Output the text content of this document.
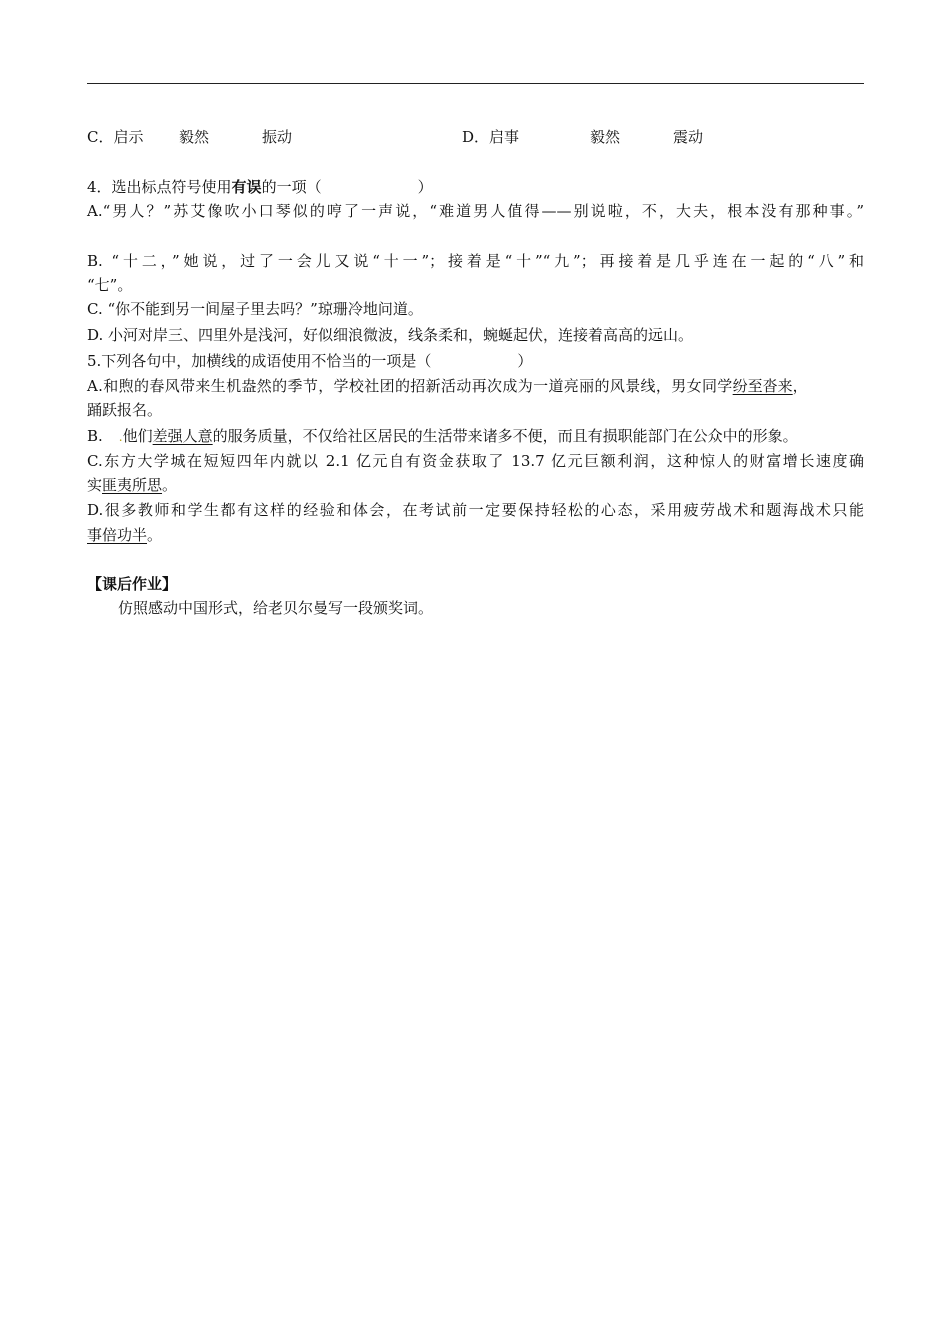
C．启示 毅然	振动	D．启事	毅然	震动
4．选出标点符号使用有误的一项（	）
A.“男人？”苏艾像吹小口琴似的哼了一声说，“难道男人值得——别说啦，不，大夫，根本没有那种事。”
B. “十二，”她说，过了一会儿又说“十一”；接着是“十”“九”；再接着是几乎连在一起的“八”和
“七”。
C. “你不能到另一间屋子里去吗？”琼珊冷地问道。
D. 小河对岸三、四里外是浅河，好似细浪微波，线条柔和，蜿蜒起伏，连接着高高的远山。
5.下列各句中，加横线的成语使用不恰当的一项是（	）
A.和煦的春风带来生机盎然的季节，学校社团的招新活动再次成为一道亮丽的风景线，男女同学纷至沓来，
踊跃报名。
B. .他们差强人意的服务质量，不仅给社区居民的生活带来诸多不便，而且有损职能部门在公众中的形象。
C.东方大学城在短短四年内就以 2.1 亿元自有资金获取了 13.7 亿元巨额利润，这种惊人的财富增长速度确
实匪夷所思。
D.很多教师和学生都有这样的经验和体会，在考试前一定要保持轻松的心态，采用疲劳战术和题海战术只能
事倍功半。
【课后作业】
仿照感动中国形式，给老贝尔曼写一段颁奖词。
